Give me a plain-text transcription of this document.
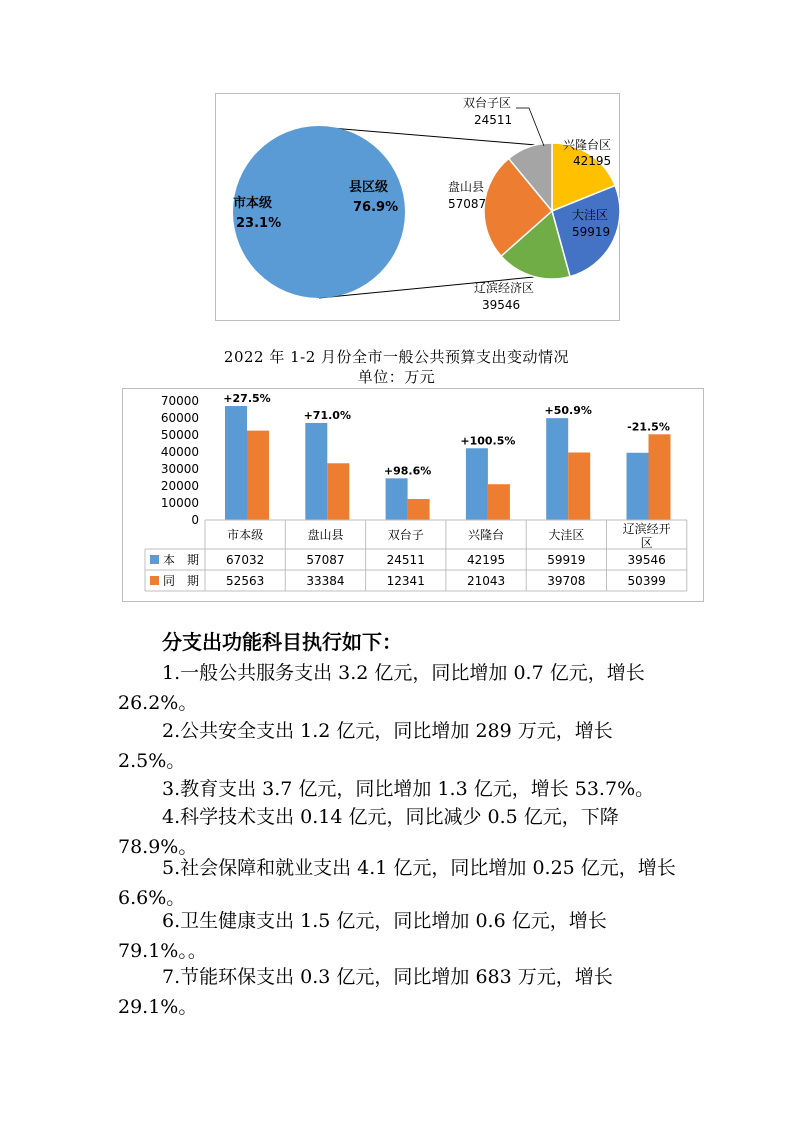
市本级
23.1%
县区级
76.9%
双台子区
24511
兴隆台区
42195
大洼区
59919
辽滨经济区
39546
盘山县
57087
2022 年 1-2 月份全市一般公共预算支出变动情况
单位：万元
70000
60000
50000
40000
30000
20000
10000
0
+27.5%
+71.0%
+98.6%
+100.5%
+50.9%
-21.5%
市本级	盘山县	双台子	兴隆台	大洼区	辽滨经开
区
本　期 67032	57087	24511	42195	59919	39546
同　期 52563	33384	12341	21043	39708	50399
分支出功能科目执行如下：
1.一般公共服务支出 3.2 亿元，同比增加 0.7 亿元，增长 26.2%。
2.公共安全支出 1.2 亿元，同比增加 289 万元，增长 2.5%。
3.教育支出 3.7 亿元，同比增加 1.3 亿元，增长 53.7%。
4.科学技术支出 0.14 亿元，同比减少 0.5 亿元，下降 78.9%。
5.社会保障和就业支出 4.1 亿元，同比增加 0.25 亿元，增长 6.6%。
6.卫生健康支出 1.5 亿元，同比增加 0.6 亿元，增长 79.1%。。
7.节能环保支出 0.3 亿元，同比增加 683 万元，增长 29.1%。
